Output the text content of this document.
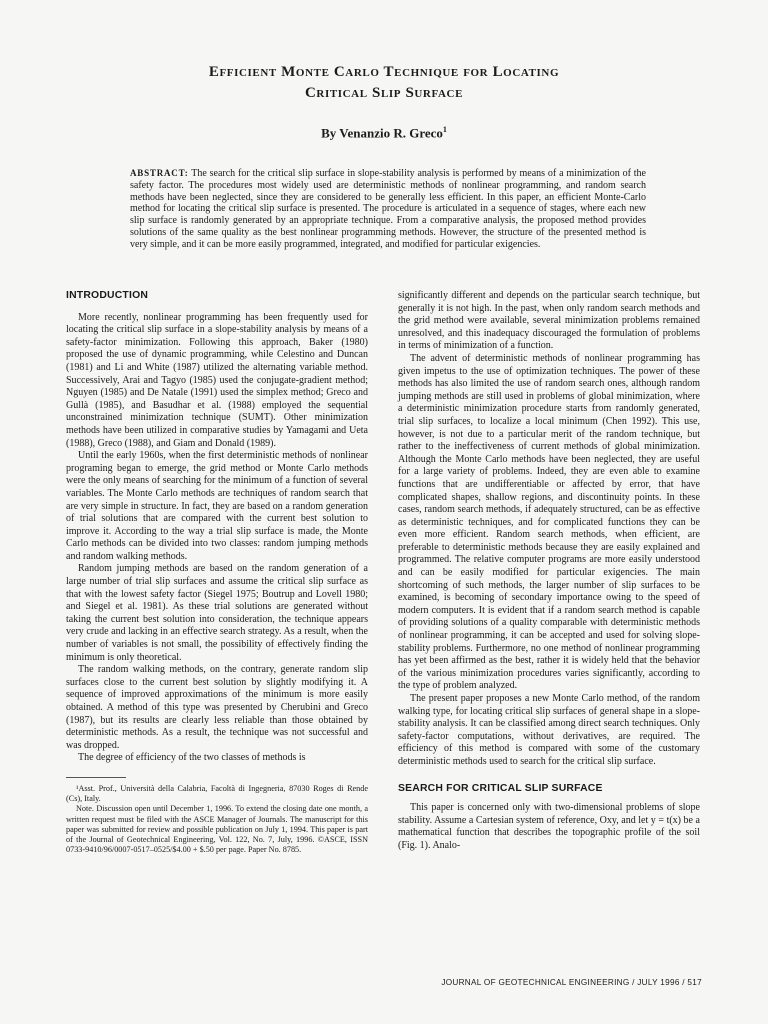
Efficient Monte Carlo Technique for Locating
Critical Slip Surface
By Venanzio R. Greco$^1$
ABSTRACT: The search for the critical slip surface in slope-stability analysis is performed by means of a minimization of the safety factor. The procedures most widely used are deterministic methods of nonlinear programming, and random search methods have been neglected, since they are considered to be generally less efficient. In this paper, an efficient Monte-Carlo method for locating the critical slip surface is presented. The procedure is articulated in a sequence of stages, where each new slip surface is randomly generated by an appropriate technique. From a comparative analysis, the proposed method provides solutions of the same quality as the best nonlinear programming methods. However, the structure of the presented method is very simple, and it can be more easily programmed, integrated, and modified for particular exigencies.
INTRODUCTION

More recently, nonlinear programming has been frequently used for locating the critical slip surface in a slope-stability analysis by means of a safety-factor minimization. Following this approach, Baker (1980) proposed the use of dynamic programming, while Celestino and Duncan (1981) and Li and White (1987) utilized the alternating variable method. Successively, Arai and Tagyo (1985) used the conjugate-gradient method; Nguyen (1985) and De Natale (1991) used the simplex method; Greco and Gullà (1985), and Basudhar et al. (1988) employed the sequential unconstrained minimization technique (SUMT). Other minimization methods have been utilized in comparative studies by Yamagami and Ueta (1988), Greco (1988), and Giam and Donald (1989).

Until the early 1960s, when the first deterministic methods of nonlinear programing began to emerge, the grid method or Monte Carlo methods were the only means of searching for the minimum of a function of several variables. The Monte Carlo methods are techniques of random search that are very simple in structure. In fact, they are based on a random generation of trial solutions that are compared with the current best solution to improve it. According to the way a trial slip surface is made, the Monte Carlo methods can be divided into two classes: random jumping methods and random walking methods.

Random jumping methods are based on the random generation of a large number of trial slip surfaces and assume the critical slip surface as that with the lowest safety factor (Siegel 1975; Boutrup and Lovell 1980; and Siegel et al. 1981). As these trial solutions are generated without taking the current best solution into consideration, the technique appears very crude and lacking in an effective search strategy. As a result, when the number of variables is not small, the possibility of effectively finding the minimum is only theoretical.

The random walking methods, on the contrary, generate random slip surfaces close to the current best solution by slightly modifying it. A sequence of improved approximations of the minimum is more easily obtained. A method of this type was presented by Cherubini and Greco (1987), but its results are clearly less reliable than those obtained by deterministic methods. As a result, the technique was not successful and was dropped.

The degree of efficiency of the two classes of methods is

¹Asst. Prof., Università della Calabria, Facoltà di Ingegneria, 87030 Roges di Rende (Cs), Italy.

Note. Discussion open until December 1, 1996. To extend the closing date one month, a written request must be filed with the ASCE Manager of Journals. The manuscript for this paper was submitted for review and possible publication on July 1, 1994. This paper is part of the Journal of Geotechnical Engineering, Vol. 122, No. 7, July, 1996. ©ASCE, ISSN 0733-9410/96/0007-0517–0525/$4.00 + $.50 per page. Paper No. 8785.

significantly different and depends on the particular search technique, but generally it is not high. In the past, when only random search methods and the grid method were available, several minimization problems remained unresolved, and this inadequacy discouraged the formulation of problems in terms of minimization of a function.

The advent of deterministic methods of nonlinear programming has given impetus to the use of optimization techniques. The power of these methods has also limited the use of random search ones, although random jumping methods are still used in problems of global minimization, where a deterministic minimization procedure starts from randomly generated, trial slip surfaces, to localize a local minimum (Chen 1992). This use, however, is not due to a particular merit of the random technique, but rather to the ineffectiveness of current methods of global minimization. Although the Monte Carlo methods have been neglected, they are useful for a large variety of problems. Indeed, they are even able to examine functions that are undifferentiable or affected by error, that have complicated shapes, shallow regions, and discontinuity points. In these cases, random search methods, if adequately structured, can be as effective as deterministic techniques, and for complicated functions they can be even more efficient. Random search methods, when efficient, are preferable to deterministic methods because they are easily explained and programmed. The relative computer programs are more easily understood and can be easily modified for particular exigencies. The main shortcoming of such methods, the larger number of slip surfaces to be examined, is becoming of secondary importance owing to the speed of modern computers. It is evident that if a random search method is capable of providing solutions of a quality comparable with deterministic methods of nonlinear programming, it can be accepted and used for solving slope-stability problems. Furthermore, no one method of nonlinear programming has yet been affirmed as the best, rather it is widely held that the behavior of the various minimization procedures varies significantly, according to the type of problem analyzed.

The present paper proposes a new Monte Carlo method, of the random walking type, for locating critical slip surfaces of general shape in a slope-stability analysis. It can be classified among direct search techniques. Only safety-factor computations, without derivatives, are required. The efficiency of this method is compared with some of the customary deterministic methods used to search for the critical slip surface.

SEARCH FOR CRITICAL SLIP SURFACE

This paper is concerned only with two-dimensional problems of slope stability. Assume a Cartesian system of reference, Oxy, and let y = t(x) be a mathematical function that describes the topographic profile of the soil (Fig. 1). Analo-

JOURNAL OF GEOTECHNICAL ENGINEERING / JULY 1996 / 517
